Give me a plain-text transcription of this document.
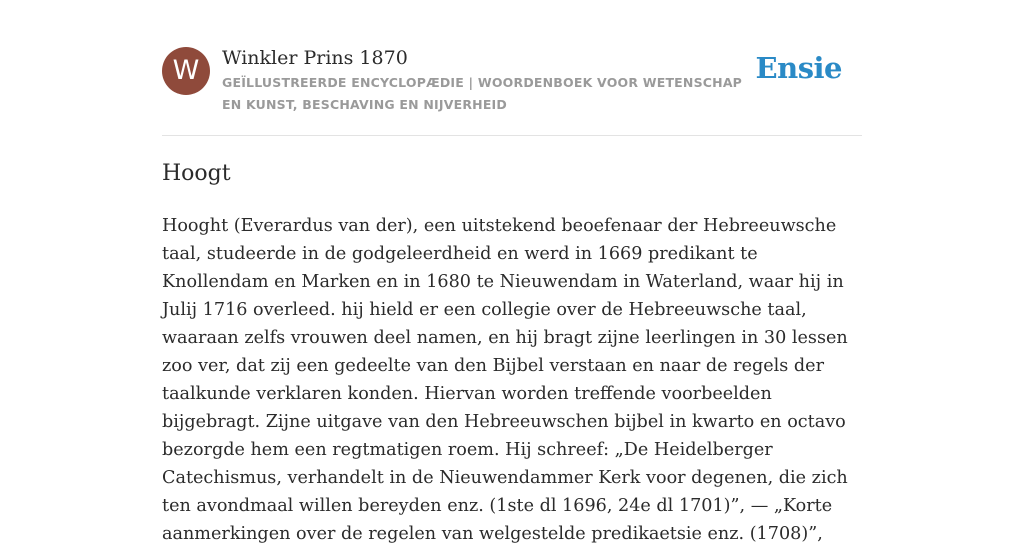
W	Winkler Prins 1870
GEÏLLUSTREERDE ENCYCLOPÆDIE | WOORDENBOEK VOOR WETENSCHAP EN KUNST, BESCHAVING EN NIJVERHEID
Ensie
Hoogt

Hooght (Everardus van der), een uitstekend beoefenaar der Hebreeuwsche taal, studeerde in de godgeleerdheid en werd in 1669 predikant te Knollendam en Marken en in 1680 te Nieuwendam in Waterland, waar hij in Julij 1716 overleed. hij hield er een collegie over de Hebreeuwsche taal, waaraan zelfs vrouwen deel namen, en hij bragt zijne leerlingen in 30 lessen zoo ver, dat zij een gedeelte van den Bijbel verstaan en naar de regels der taalkunde verklaren konden. Hiervan worden treffende voorbeelden bijgebragt. Zijne uitgave van den Hebreeuwschen bijbel in kwarto en octavo bezorgde hem een regtmatigen roem. Hij schreef: „De Heidelberger Catechismus, verhandelt in de Nieuwendammer Kerk voor degenen, die zich ten avondmaal willen bereyden enz. (1ste dl 1696, 24e dl 1701)”, — „Korte aanmerkingen over de regelen van welgestelde predikaetsie enz. (1708)”,
